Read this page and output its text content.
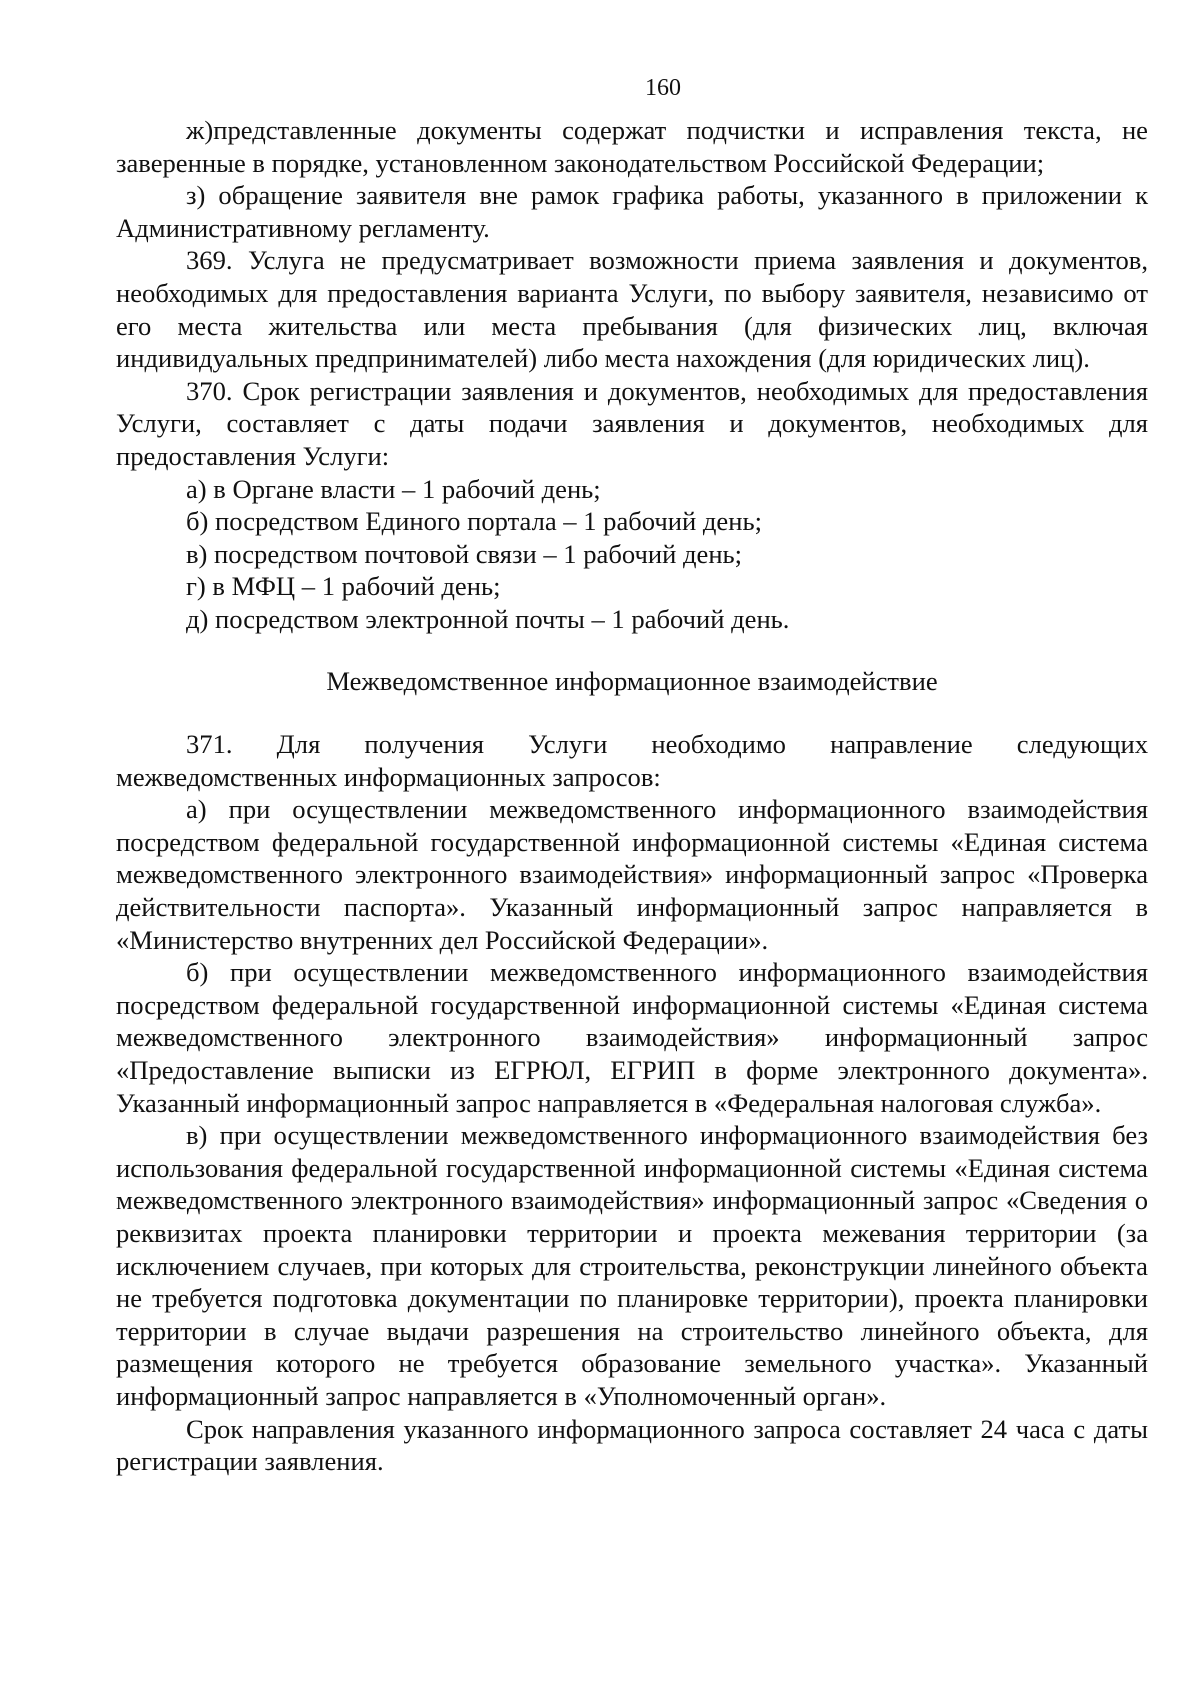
160

ж)представленные документы содержат подчистки и исправления текста, не заверенные в порядке, установленном законодательством Российской Федерации;

з) обращение заявителя вне рамок графика работы, указанного в приложении к Административному регламенту.

369. Услуга не предусматривает возможности приема заявления и документов, необходимых для предоставления варианта Услуги, по выбору заявителя, независимо от его места жительства или места пребывания (для физических лиц, включая индивидуальных предпринимателей) либо места нахождения (для юридических лиц).

370. Срок регистрации заявления и документов, необходимых для предоставления Услуги, составляет с даты подачи заявления и документов, необходимых для предоставления Услуги:

а) в Органе власти – 1 рабочий день;

б) посредством Единого портала – 1 рабочий день;

в) посредством почтовой связи – 1 рабочий день;

г) в МФЦ – 1 рабочий день;

д) посредством электронной почты – 1 рабочий день.

Межведомственное информационное взаимодействие

371. Для получения Услуги необходимо направление следующих межведомственных информационных запросов:

а) при осуществлении межведомственного информационного взаимодействия посредством федеральной государственной информационной системы «Единая система межведомственного электронного взаимодействия» информационный запрос «Проверка действительности паспорта». Указанный информационный запрос направляется в «Министерство внутренних дел Российской Федерации».

б) при осуществлении межведомственного информационного взаимодействия посредством федеральной государственной информационной системы «Единая система межведомственного электронного взаимодействия» информационный запрос «Предоставление выписки из ЕГРЮЛ, ЕГРИП в форме электронного документа». Указанный информационный запрос направляется в «Федеральная налоговая служба».

в) при осуществлении межведомственного информационного взаимодействия без использования федеральной государственной информационной системы «Единая система межведомственного электронного взаимодействия» информационный запрос «Сведения о реквизитах проекта планировки территории и проекта межевания территории (за исключением случаев, при которых для строительства, реконструкции линейного объекта не требуется подготовка документации по планировке территории), проекта планировки территории в случае выдачи разрешения на строительство линейного объекта, для размещения которого не требуется образование земельного участка». Указанный информационный запрос направляется в «Уполномоченный орган».

Срок направления указанного информационного запроса составляет 24 часа с даты регистрации заявления.
